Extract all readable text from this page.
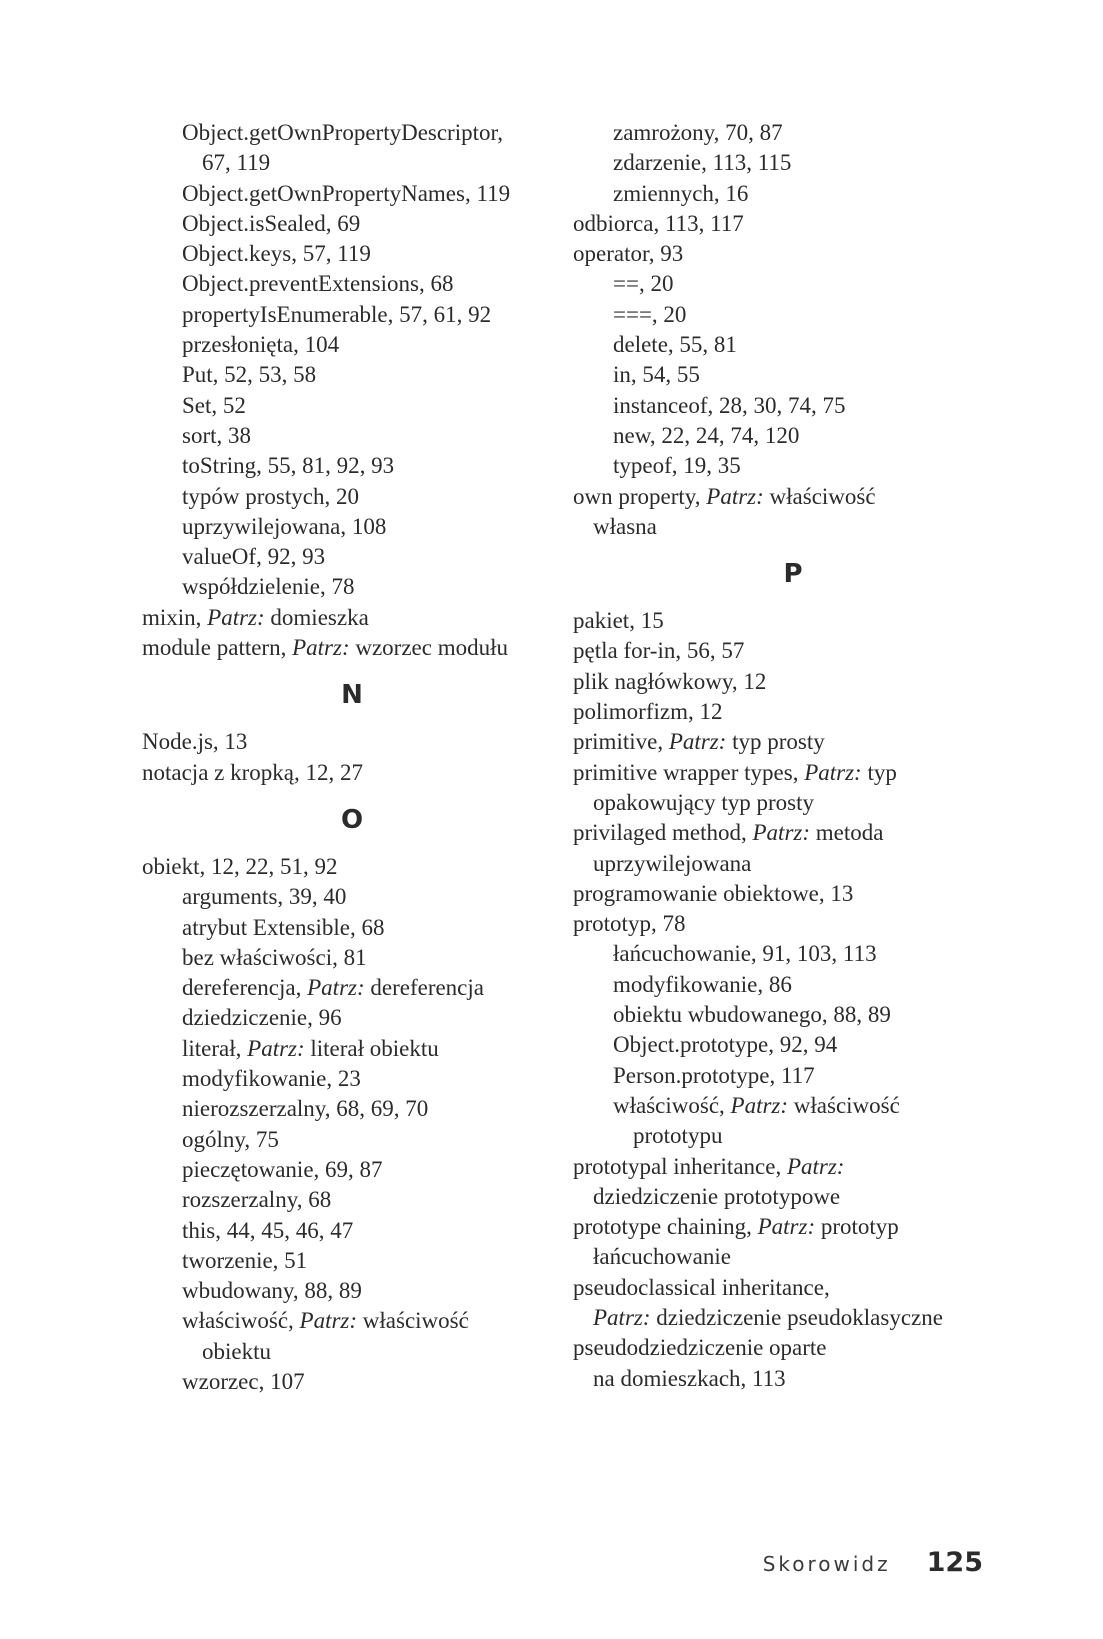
Object.getOwnPropertyDescriptor,
67, 119
Object.getOwnPropertyNames, 119
Object.isSealed, 69
Object.keys, 57, 119
Object.preventExtensions, 68
propertyIsEnumerable, 57, 61, 92
przesłonięta, 104
Put, 52, 53, 58
Set, 52
sort, 38
toString, 55, 81, 92, 93
typów prostych, 20
uprzywilejowana, 108
valueOf, 92, 93
współdzielenie, 78
mixin, Patrz: domieszka
module pattern, Patrz: wzorzec modułu
N
Node.js, 13
notacja z kropką, 12, 27
O
obiekt, 12, 22, 51, 92
arguments, 39, 40
atrybut Extensible, 68
bez właściwości, 81
dereferencja, Patrz: dereferencja
dziedziczenie, 96
literał, Patrz: literał obiektu
modyfikowanie, 23
nierozszerzalny, 68, 69, 70
ogólny, 75
pieczętowanie, 69, 87
rozszerzalny, 68
this, 44, 45, 46, 47
tworzenie, 51
wbudowany, 88, 89
właściwość, Patrz: właściwość
obiektu
wzorzec, 107
zamrożony, 70, 87
zdarzenie, 113, 115
zmiennych, 16
odbiorca, 113, 117
operator, 93
==, 20
===, 20
delete, 55, 81
in, 54, 55
instanceof, 28, 30, 74, 75
new, 22, 24, 74, 120
typeof, 19, 35
own property, Patrz: właściwość
własna
P
pakiet, 15
pętla for-in, 56, 57
plik nagłówkowy, 12
polimorfizm, 12
primitive, Patrz: typ prosty
primitive wrapper types, Patrz: typ
opakowujący typ prosty
privilaged method, Patrz: metoda
uprzywilejowana
programowanie obiektowe, 13
prototyp, 78
łańcuchowanie, 91, 103, 113
modyfikowanie, 86
obiektu wbudowanego, 88, 89
Object.prototype, 92, 94
Person.prototype, 117
właściwość, Patrz: właściwość
prototypu
prototypal inheritance, Patrz:
dziedziczenie prototypowe
prototype chaining, Patrz: prototyp
łańcuchowanie
pseudoclassical inheritance,
Patrz: dziedziczenie pseudoklasyczne
pseudodziedziczenie oparte
na domieszkach, 113
Skorowidz 125
